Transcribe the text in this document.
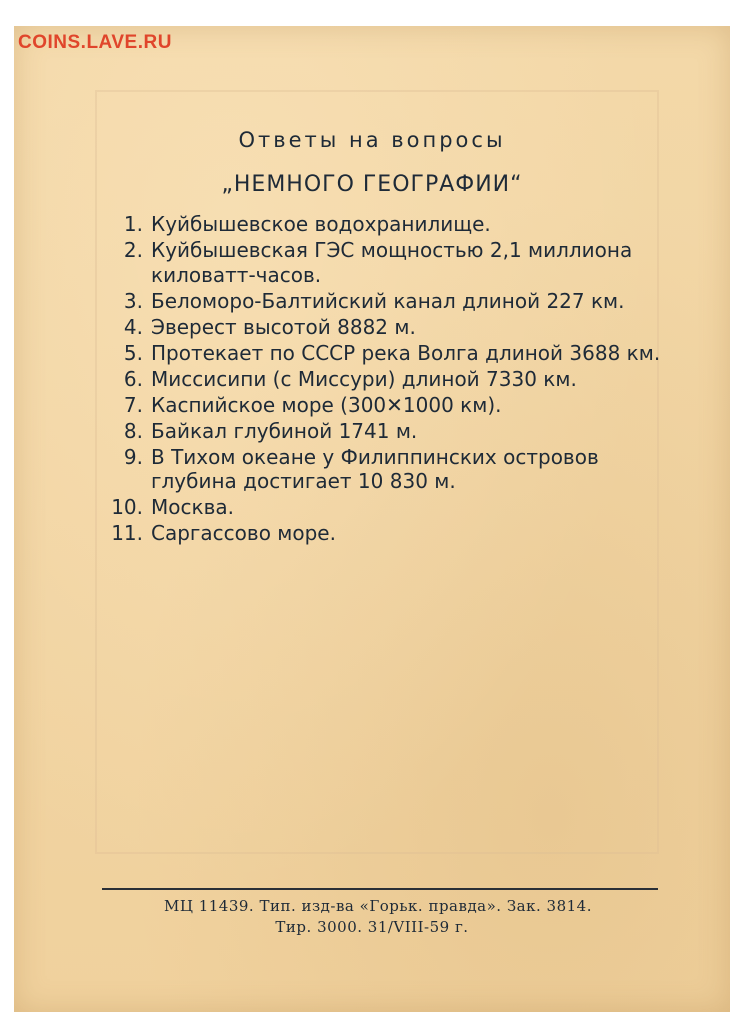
COINS.LAVE.RU
Ответы на вопросы
„НЕМНОГО ГЕОГРАФИИ“
1. Куйбышевское водохранилище.
2. Куйбышевская ГЭС мощностью 2,1 миллиона киловатт-часов.
3. Беломоро-Балтийский канал длиной 227 км.
4. Эверест высотой 8882 м.
5. Протекает по СССР река Волга длиной 3688 км.
6. Миссисипи (с Миссури) длиной 7330 км.
7. Каспийское море (300✕1000 км).
8. Байкал глубиной 1741 м.
9. В Тихом океане у Филиппинских островов глубина достигает 10 830 м.
10. Москва.
11. Саргассово море.
МЦ 11439. Тип. изд-ва «Горьк. правда». Зак. 3814.
Тир. 3000. 31/VIII-59 г.
